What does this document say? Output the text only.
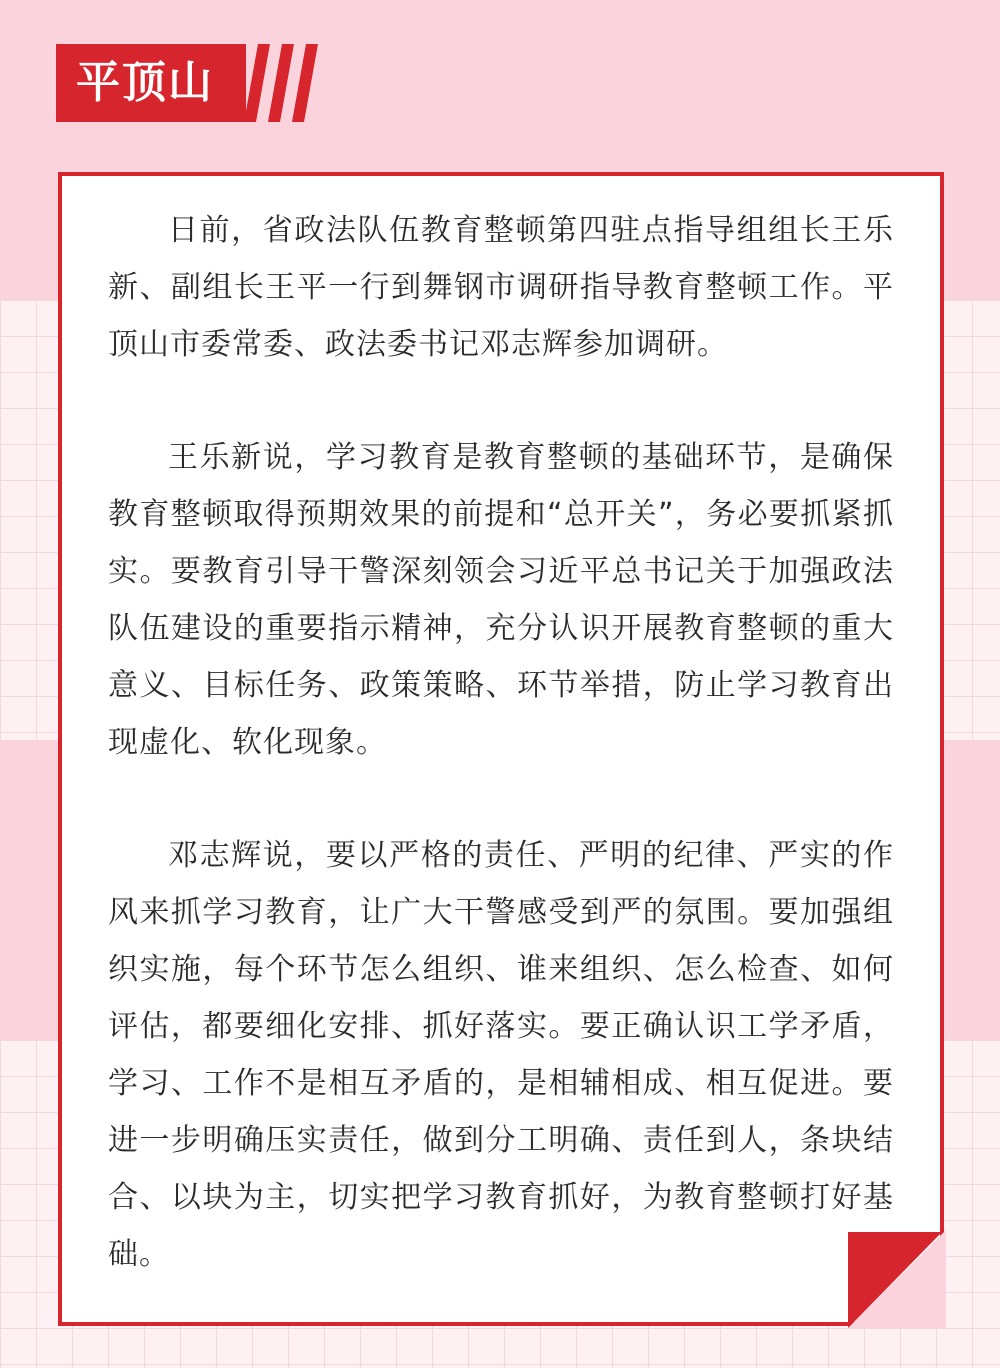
平顶山

日前，省政法队伍教育整顿第四驻点指导组组长王乐新、副组长王平一行到舞钢市调研指导教育整顿工作。平顶山市委常委、政法委书记邓志辉参加调研。

王乐新说，学习教育是教育整顿的基础环节，是确保教育整顿取得预期效果的前提和“总开关”，务必要抓紧抓实。要教育引导干警深刻领会习近平总书记关于加强政法队伍建设的重要指示精神，充分认识开展教育整顿的重大意义、目标任务、政策策略、环节举措，防止学习教育出现虚化、软化现象。

邓志辉说，要以严格的责任、严明的纪律、严实的作风来抓学习教育，让广大干警感受到严的氛围。要加强组织实施，每个环节怎么组织、谁来组织、怎么检查、如何评估，都要细化安排、抓好落实。要正确认识工学矛盾，学习、工作不是相互矛盾的，是相辅相成、相互促进。要进一步明确压实责任，做到分工明确、责任到人，条块结合、以块为主，切实把学习教育抓好，为教育整顿打好基础。
